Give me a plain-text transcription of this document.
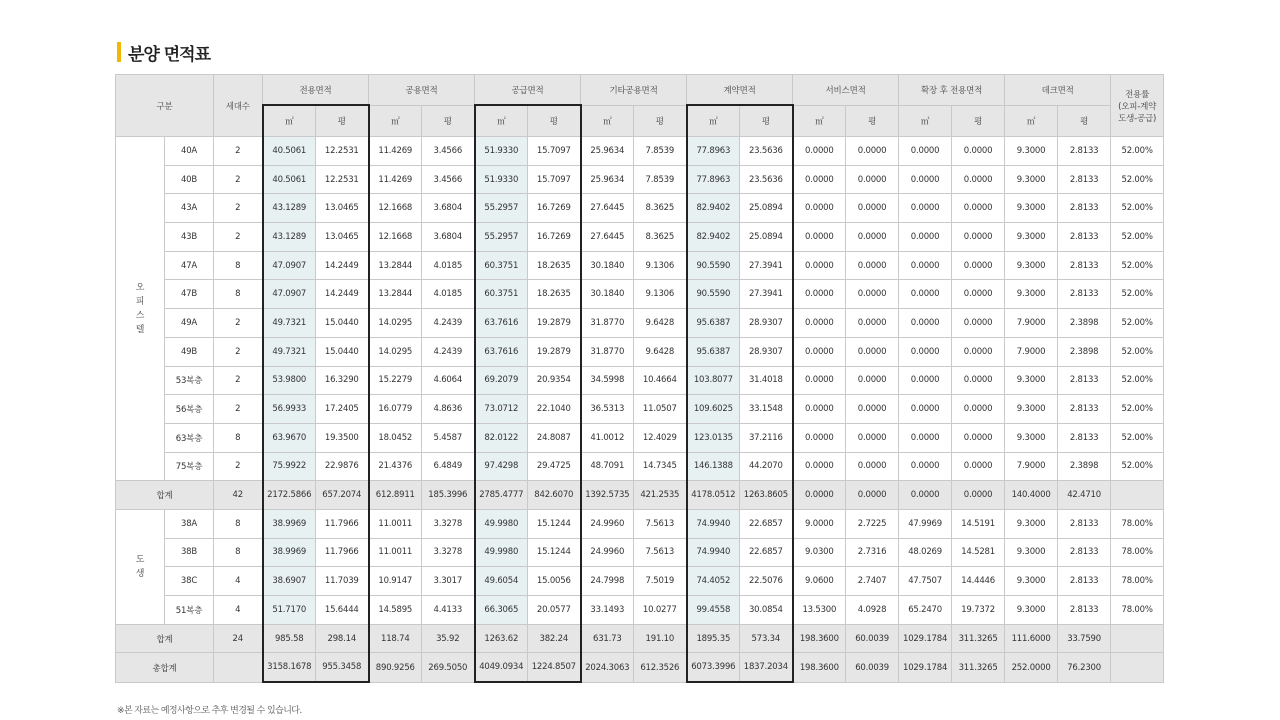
분양 면적표
구분		세대수	전용면적		공용면적		공급면적		기타공용면적		계약면적		서비스면적		확장 후 전용면적		데크면적		전용률
(오피-계약
도생-공급)

			㎡	평	㎡	평	㎡	평	㎡	평	㎡	평	㎡	평	㎡	평	㎡	평	
오피스텔	40A	2	40.5061	12.2531	11.4269	3.4566	51.9330	15.7097	25.9634	7.8539	77.8963	23.5636	0.0000	0.0000	0.0000	0.0000	9.3000	2.8133	52.00%
	40B	2	40.5061	12.2531	11.4269	3.4566	51.9330	15.7097	25.9634	7.8539	77.8963	23.5636	0.0000	0.0000	0.0000	0.0000	9.3000	2.8133	52.00%
	43A	2	43.1289	13.0465	12.1668	3.6804	55.2957	16.7269	27.6445	8.3625	82.9402	25.0894	0.0000	0.0000	0.0000	0.0000	9.3000	2.8133	52.00%
	43B	2	43.1289	13.0465	12.1668	3.6804	55.2957	16.7269	27.6445	8.3625	82.9402	25.0894	0.0000	0.0000	0.0000	0.0000	9.3000	2.8133	52.00%
	47A	8	47.0907	14.2449	13.2844	4.0185	60.3751	18.2635	30.1840	9.1306	90.5590	27.3941	0.0000	0.0000	0.0000	0.0000	9.3000	2.8133	52.00%
	47B	8	47.0907	14.2449	13.2844	4.0185	60.3751	18.2635	30.1840	9.1306	90.5590	27.3941	0.0000	0.0000	0.0000	0.0000	9.3000	2.8133	52.00%
	49A	2	49.7321	15.0440	14.0295	4.2439	63.7616	19.2879	31.8770	9.6428	95.6387	28.9307	0.0000	0.0000	0.0000	0.0000	7.9000	2.3898	52.00%
	49B	2	49.7321	15.0440	14.0295	4.2439	63.7616	19.2879	31.8770	9.6428	95.6387	28.9307	0.0000	0.0000	0.0000	0.0000	7.9000	2.3898	52.00%
	53복층	2	53.9800	16.3290	15.2279	4.6064	69.2079	20.9354	34.5998	10.4664	103.8077	31.4018	0.0000	0.0000	0.0000	0.0000	9.3000	2.8133	52.00%
	56복층	2	56.9933	17.2405	16.0779	4.8636	73.0712	22.1040	36.5313	11.0507	109.6025	33.1548	0.0000	0.0000	0.0000	0.0000	9.3000	2.8133	52.00%
	63복층	8	63.9670	19.3500	18.0452	5.4587	82.0122	24.8087	41.0012	12.4029	123.0135	37.2116	0.0000	0.0000	0.0000	0.0000	9.3000	2.8133	52.00%
	75복층	2	75.9922	22.9876	21.4376	6.4849	97.4298	29.4725	48.7091	14.7345	146.1388	44.2070	0.0000	0.0000	0.0000	0.0000	7.9000	2.3898	52.00%
합계		42	2172.5866	657.2074	612.8911	185.3996	2785.4777	842.6070	1392.5735	421.2535	4178.0512	1263.8605	0.0000	0.0000	0.0000	0.0000	140.4000	42.4710	
도생	38A	8	38.9969	11.7966	11.0011	3.3278	49.9980	15.1244	24.9960	7.5613	74.9940	22.6857	9.0000	2.7225	47.9969	14.5191	9.3000	2.8133	78.00%
	38B	8	38.9969	11.7966	11.0011	3.3278	49.9980	15.1244	24.9960	7.5613	74.9940	22.6857	9.0300	2.7316	48.0269	14.5281	9.3000	2.8133	78.00%
	38C	4	38.6907	11.7039	10.9147	3.3017	49.6054	15.0056	24.7998	7.5019	74.4052	22.5076	9.0600	2.7407	47.7507	14.4446	9.3000	2.8133	78.00%
	51복층	4	51.7170	15.6444	14.5895	4.4133	66.3065	20.0577	33.1493	10.0277	99.4558	30.0854	13.5300	4.0928	65.2470	19.7372	9.3000	2.8133	78.00%
합계		24	985.58	298.14	118.74	35.92	1263.62	382.24	631.73	191.10	1895.35	573.34	198.3600	60.0039	1029.1784	311.3265	111.6000	33.7590	
총합계			3158.1678	955.3458	890.9256	269.5050	4049.0934	1224.8507	2024.3063	612.3526	6073.3996	1837.2034	198.3600	60.0039	1029.1784	311.3265	252.0000	76.2300	
※본 자료는 예정사항으로 추후 변경될 수 있습니다.
